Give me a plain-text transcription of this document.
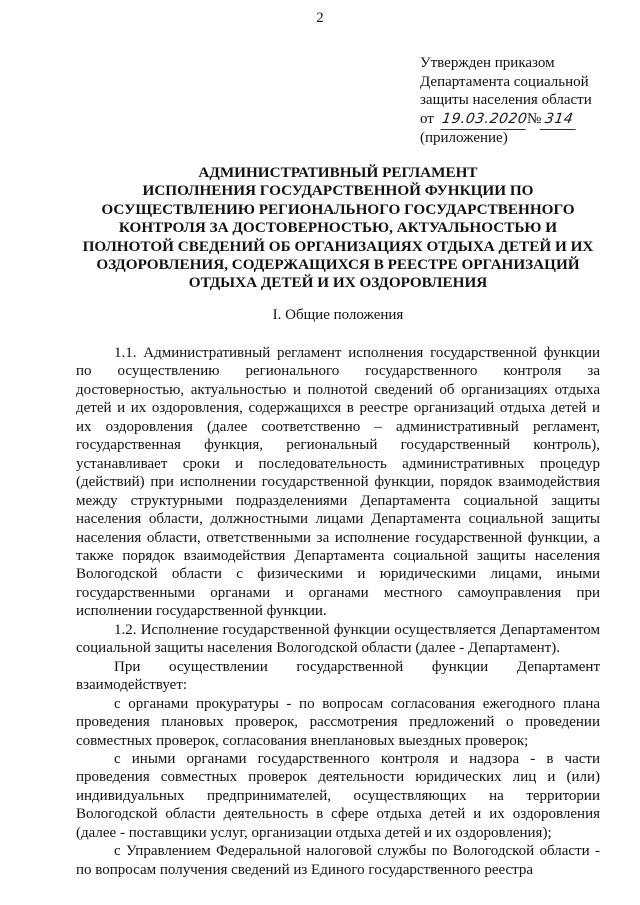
2
Утвержден приказом
Департамента социальной
защиты населения области
от 19.03.2020№ 314
(приложение)
АДМИНИСТРАТИВНЫЙ РЕГЛАМЕНТ
ИСПОЛНЕНИЯ ГОСУДАРСТВЕННОЙ ФУНКЦИИ ПО
ОСУЩЕСТВЛЕНИЮ РЕГИОНАЛЬНОГО ГОСУДАРСТВЕННОГО
КОНТРОЛЯ ЗА ДОСТОВЕРНОСТЬЮ, АКТУАЛЬНОСТЬЮ И
ПОЛНОТОЙ СВЕДЕНИЙ ОБ ОРГАНИЗАЦИЯХ ОТДЫХА ДЕТЕЙ И ИХ
ОЗДОРОВЛЕНИЯ, СОДЕРЖАЩИХСЯ В РЕЕСТРЕ ОРГАНИЗАЦИЙ
ОТДЫХА ДЕТЕЙ И ИХ ОЗДОРОВЛЕНИЯ
I. Общие положения

1.1. Административный регламент исполнения государственной функции по осуществлению регионального государственного контроля за достоверностью, актуальностью и полнотой сведений об организациях отдыха детей и их оздоровления, содержащихся в реестре организаций отдыха детей и их оздоровления (далее соответственно – административный регламент, государственная функция, региональный государственный контроль), устанавливает сроки и последовательность административных процедур (действий) при исполнении государственной функции, порядок взаимодействия между структурными подразделениями Департамента социальной защиты населения области, должностными лицами Департамента социальной защиты населения области, ответственными за исполнение государственной функции, а также порядок взаимодействия Департамента социальной защиты населения Вологодской области с физическими и юридическими лицами, иными государственными органами и органами местного самоуправления при исполнении государственной функции.

1.2. Исполнение государственной функции осуществляется Департаментом социальной защиты населения Вологодской области (далее - Департамент).

При осуществлении государственной функции Департамент взаимодействует:

с органами прокуратуры - по вопросам согласования ежегодного плана проведения плановых проверок, рассмотрения предложений о проведении совместных проверок, согласования внеплановых выездных проверок;

с иными органами государственного контроля и надзора - в части проведения совместных проверок деятельности юридических лиц и (или) индивидуальных предпринимателей, осуществляющих на территории Вологодской области деятельность в сфере отдыха детей и их оздоровления (далее - поставщики услуг, организации отдыха детей и их оздоровления);

с Управлением Федеральной налоговой службы по Вологодской области - по вопросам получения сведений из Единого государственного реестра
